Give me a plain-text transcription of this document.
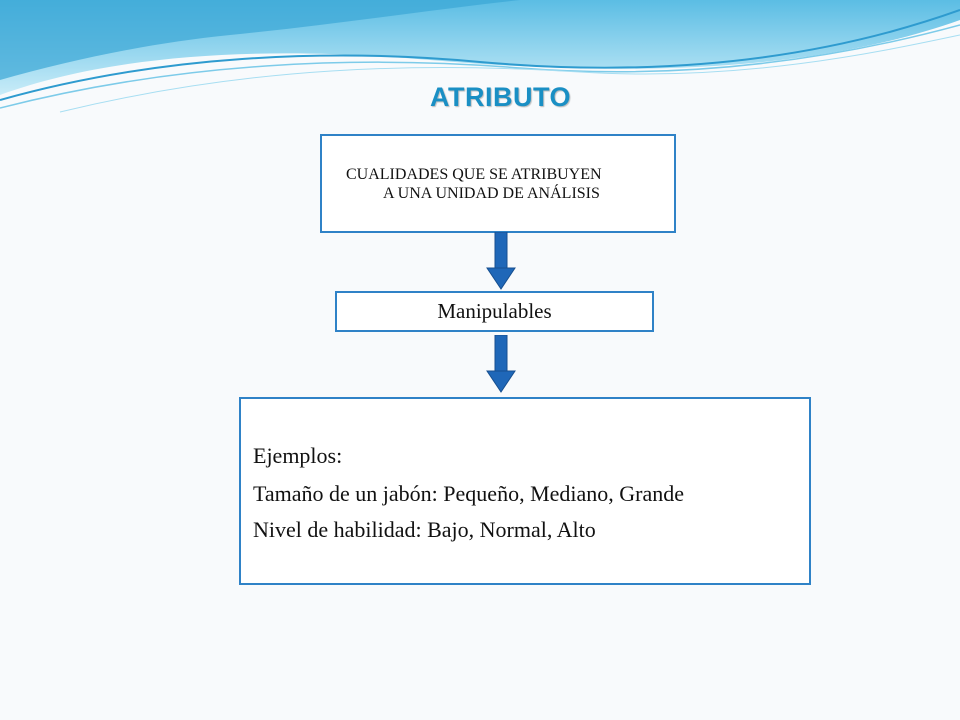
ATRIBUTO
CUALIDADES QUE SE ATRIBUYEN
A UNA UNIDAD DE ANÁLISIS
Manipulables
Ejemplos:
Tamaño de un jabón: Pequeño, Mediano, Grande
Nivel de habilidad: Bajo, Normal, Alto
